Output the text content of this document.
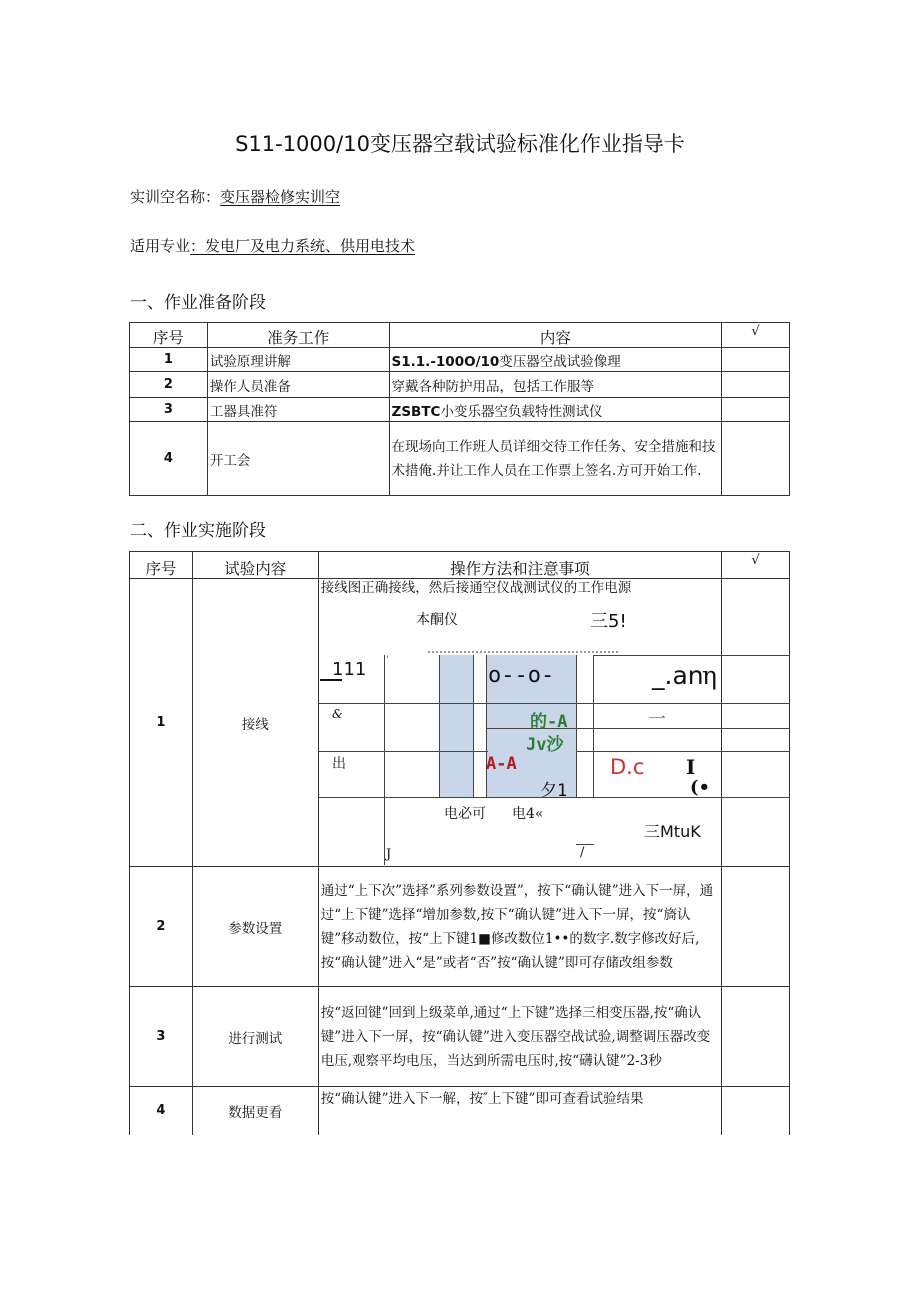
S11-1000/10变压器空载试验标准化作业指导卡
实训空名称：变压器检修实训空
适用专业：发电厂及电力系统、供用电技术
一、作业准备阶段
序号	准务工作	内容	√
1	试验原理讲解	S1.1.-100O/10变压器空战试验像理	
2	操作人员准备	穿戴各种防护用品，包括工作服等	
3	工器具准符	ZSBTC小变乐器空负载特性测试仪	
4	开工会	在现场向工作班人员详细交待工作任务、安全措施和技术措俺.并让工作人员在工作票上签名.方可开始工作.	
二、作业实施阶段
序号	试验内容	操作方法和注意事项	√
1	接线	接线图正确接线，然后接通空仪战测试仪的工作电源	

2	参数设置	通过“上下次”选择”系列参数设置”，按下“确认键”进入下一屏，通过“上下键”选择“增加参数,按下“确认键”进入下一屏，按“旖认键”移动数位，按“上下键1■修改数位1••的数字.数字修改好后,按“确认键”进入“是”或者“否”按“确认键”即可存储改组参数	
3	进行测试	按“返回键”回到上级菜单,通过“上下键”选择三相变压器,按“确认键”进入下一屏，按“确认键”进入变压器空战试验,调整调压器改变电压,观察平均电压，当达到所需电压时,按“礴认键”2-3秒	
4	数据更看	按“确认键”进入下一解，按″上下键”即可查看试验结果	
本酮仪	三5!
111 '
&
出
o--o-	_.an
η
的-A	一
Jv沙
A-A
夕1
D.c I
(•
电必可 电4«
三MtuK
J	/
